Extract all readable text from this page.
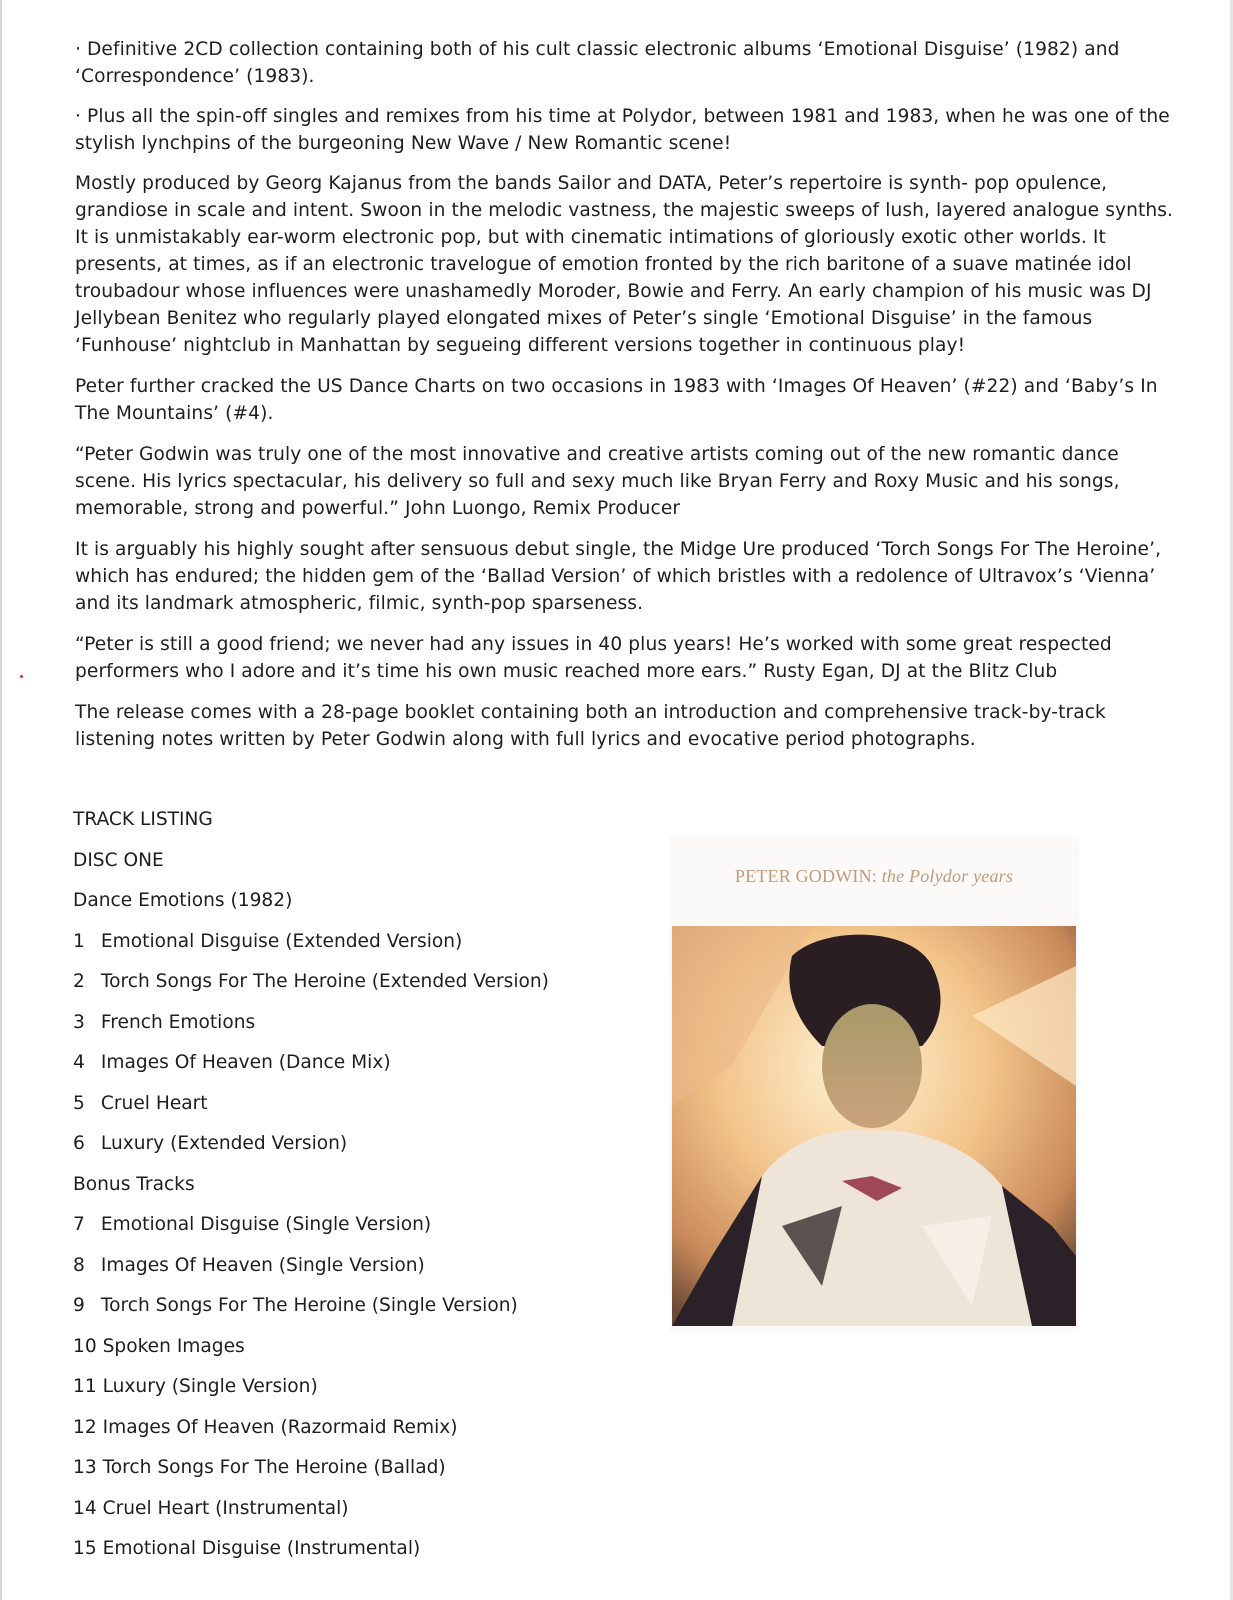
· Definitive 2CD collection containing both of his cult classic electronic albums ‘Emotional Disguise’ (1982) and ‘Correspondence’ (1983).

· Plus all the spin-off singles and remixes from his time at Polydor, between 1981 and 1983, when he was one of the stylish lynchpins of the burgeoning New Wave / New Romantic scene!

Mostly produced by Georg Kajanus from the bands Sailor and DATA, Peter’s repertoire is synth- pop opulence, grandiose in scale and intent. Swoon in the melodic vastness, the majestic sweeps of lush, layered analogue synths. It is unmistakably ear-worm electronic pop, but with cinematic intimations of gloriously exotic other worlds. It presents, at times, as if an electronic travelogue of emotion fronted by the rich baritone of a suave matinée idol troubadour whose influences were unashamedly Moroder, Bowie and Ferry. An early champion of his music was DJ Jellybean Benitez who regularly played elongated mixes of Peter’s single ‘Emotional Disguise’ in the famous ‘Funhouse’ nightclub in Manhattan by segueing different versions together in continuous play!

Peter further cracked the US Dance Charts on two occasions in 1983 with ‘Images Of Heaven’ (#22) and ‘Baby’s In The Mountains’ (#4).

“Peter Godwin was truly one of the most innovative and creative artists coming out of the new romantic dance scene. His lyrics spectacular, his delivery so full and sexy much like Bryan Ferry and Roxy Music and his songs, memorable, strong and powerful.” John Luongo, Remix Producer

It is arguably his highly sought after sensuous debut single, the Midge Ure produced ‘Torch Songs For The Heroine’, which has endured; the hidden gem of the ‘Ballad Version’ of which bristles with a redolence of Ultravox’s ‘Vienna’ and its landmark atmospheric, filmic, synth-pop sparseness.

“Peter is still a good friend; we never had any issues in 40 plus years! He’s worked with some great respected performers who I adore and it’s time his own music reached more ears.” Rusty Egan, DJ at the Blitz Club

The release comes with a 28-page booklet containing both an introduction and comprehensive track-by-track listening notes written by Peter Godwin along with full lyrics and evocative period photographs.

TRACK LISTING
DISC ONE
Dance Emotions (1982)
1 Emotional Disguise (Extended Version)
2 Torch Songs For The Heroine (Extended Version)
3 French Emotions
4 Images Of Heaven (Dance Mix)
5 Cruel Heart
6 Luxury (Extended Version)
Bonus Tracks
7 Emotional Disguise (Single Version)
8 Images Of Heaven (Single Version)
9 Torch Songs For The Heroine (Single Version)
10 Spoken Images
11 Luxury (Single Version)
12 Images Of Heaven (Razormaid Remix)
13 Torch Songs For The Heroine (Ballad)
14 Cruel Heart (Instrumental)
15 Emotional Disguise (Instrumental)
PETER GODWIN: the Polydor years
